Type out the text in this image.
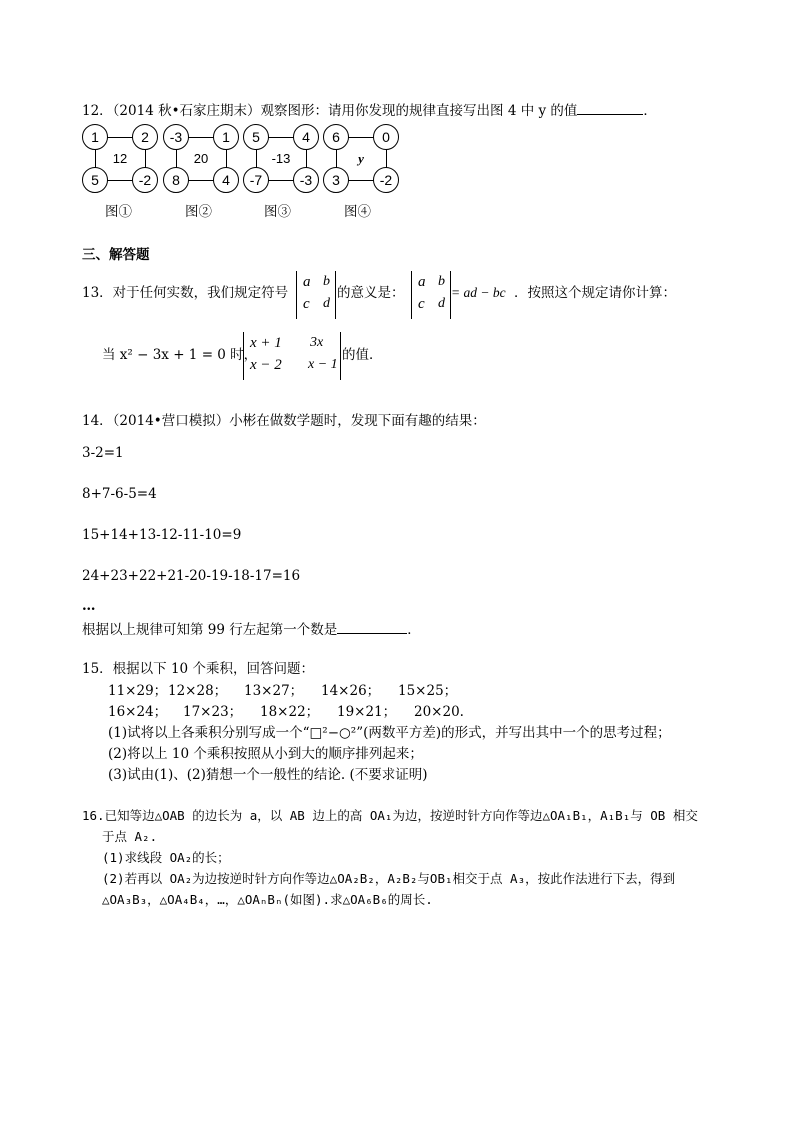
12．（2014 秋•石家庄期末）观察图形：请用你发现的规律直接写出图 4 中 y 的值	．
1	2
5	-2
12
图①
-3	1
8	4
20
图②
5	4
-7	-3
-13
图③
6	0
3	-2
y
图④
三、解答题
13．对于任何实数，我们规定符号
a b
c d
的意义是：
a b
c d
= ad − bc ．按照这个规定请你计算：
当 x² − 3x + 1 = 0 时，
x + 1 3x
x − 2 x − 1
的值．
14．（2014•营口模拟）小彬在做数学题时，发现下面有趣的结果：
3-2=1
8+7-6-5=4
15+14+13-12-11-10=9
24+23+22+21-20-19-18-17=16
…
根据以上规律可知第 99 行左起第一个数是	．
15．根据以下 10 个乘积，回答问题：
11×29；12×28； 13×27； 14×26； 15×25；
16×24； 17×23； 18×22； 19×21； 20×20.
(1)试将以上各乘积分别写成一个“□²−○²”(两数平方差)的形式，并写出其中一个的思考过程；
(2)将以上 10 个乘积按照从小到大的顺序排列起来；
(3)试由(1)、(2)猜想一个一般性的结论. (不要求证明)
16.已知等边△OAB 的边长为 a，以 AB 边上的高 OA₁为边，按逆时针方向作等边△OA₁B₁，A₁B₁与 OB 相交
于点 A₂.
(1)求线段 OA₂的长；
(2)若再以 OA₂为边按逆时针方向作等边△OA₂B₂，A₂B₂与OB₁相交于点 A₃，按此作法进行下去，得到
△OA₃B₃，△OA₄B₄，…，△OAₙBₙ(如图).求△OA₆B₆的周长.
